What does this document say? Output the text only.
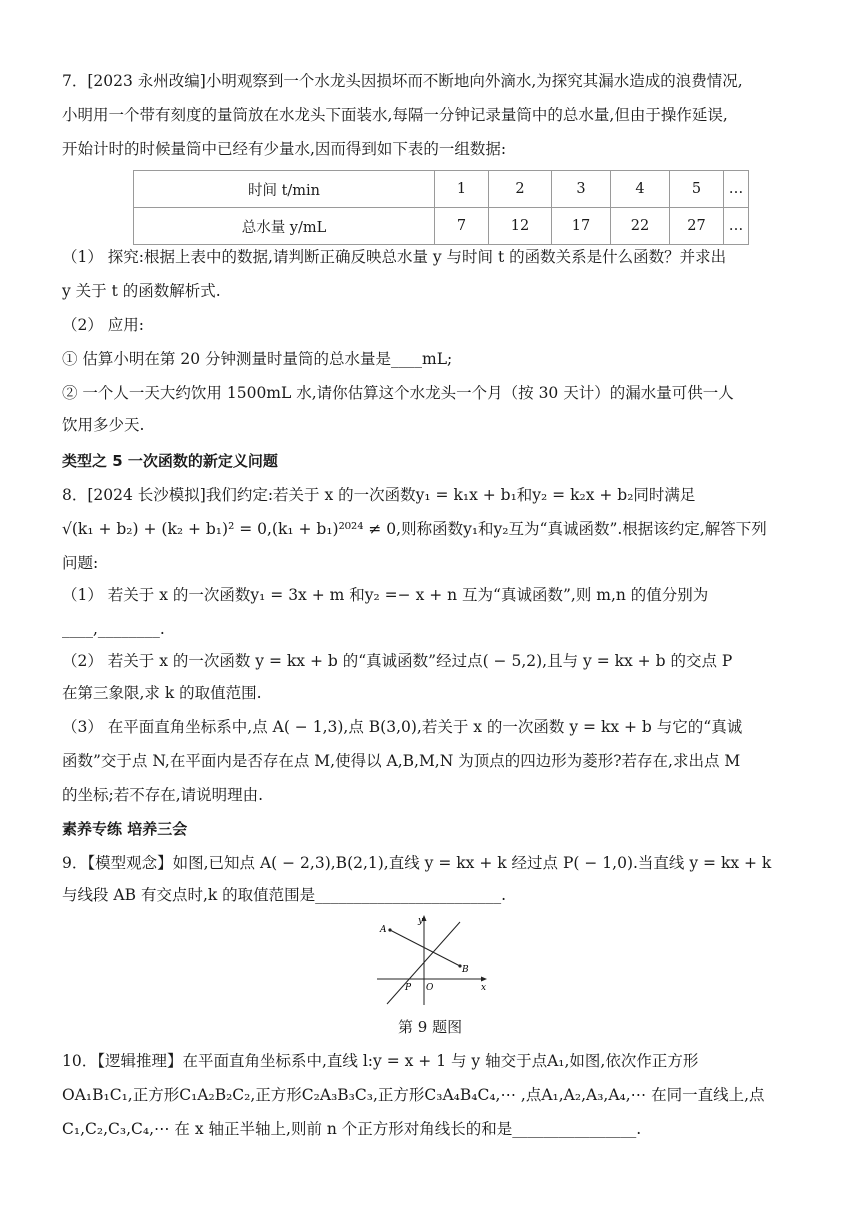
7．[2023 永州改编]小明观察到一个水龙头因损坏而不断地向外滴水,为探究其漏水造成的浪费情况,
小明用一个带有刻度的量筒放在水龙头下面装水,每隔一分钟记录量筒中的总水量,但由于操作延误,
开始计时的时候量筒中已经有少量水,因而得到如下表的一组数据:
时间 t/min	1	2	3	4	5	…
总水量 y/mL	7	12	17	22	27	…
（1） 探究:根据上表中的数据,请判断正确反映总水量 y 与时间 t 的函数关系是什么函数？并求出
y 关于 t 的函数解析式.
（2） 应用:
① 估算小明在第 20 分钟测量时量筒的总水量是____mL;
② 一个人一天大约饮用 1500mL 水,请你估算这个水龙头一个月（按 30 天计）的漏水量可供一人
饮用多少天.
类型之 5 一次函数的新定义问题
8．[2024 长沙模拟]我们约定:若关于 x 的一次函数y₁ = k₁x + b₁和y₂ = k₂x + b₂同时满足
√(k₁ + b₂) + (k₂ + b₁)² = 0,(k₁ + b₁)²⁰²⁴ ≠ 0,则称函数y₁和y₂互为“真诚函数”.根据该约定,解答下列
问题:
（1） 若关于 x 的一次函数y₁ = 3x + m 和y₂ =− x + n 互为“真诚函数”,则 m,n 的值分别为
____,________.
（2） 若关于 x 的一次函数 y = kx + b 的“真诚函数”经过点( − 5,2),且与 y = kx + b 的交点 P
在第三象限,求 k 的取值范围.
（3） 在平面直角坐标系中,点 A( − 1,3),点 B(3,0),若关于 x 的一次函数 y = kx + b 与它的“真诚
函数”交于点 N,在平面内是否存在点 M,使得以 A,B,M,N 为顶点的四边形为菱形?若存在,求出点 M
的坐标;若不存在,请说明理由.
素养专练 培养三会
9．【模型观念】如图,已知点 A( − 2,3),B(2,1),直线 y = kx + k 经过点 P( − 1,0).当直线 y = kx + k
与线段 AB 有交点时,k 的取值范围是________________________.
y
x
A
B
P O
第 9 题图
10．【逻辑推理】在平面直角坐标系中,直线 l:y = x + 1 与 y 轴交于点A₁,如图,依次作正方形
OA₁B₁C₁,正方形C₁A₂B₂C₂,正方形C₂A₃B₃C₃,正方形C₃A₄B₄C₄,⋯ ,点A₁,A₂,A₃,A₄,⋯ 在同一直线上,点
C₁,C₂,C₃,C₄,⋯ 在 x 轴正半轴上,则前 n 个正方形对角线长的和是________________.
